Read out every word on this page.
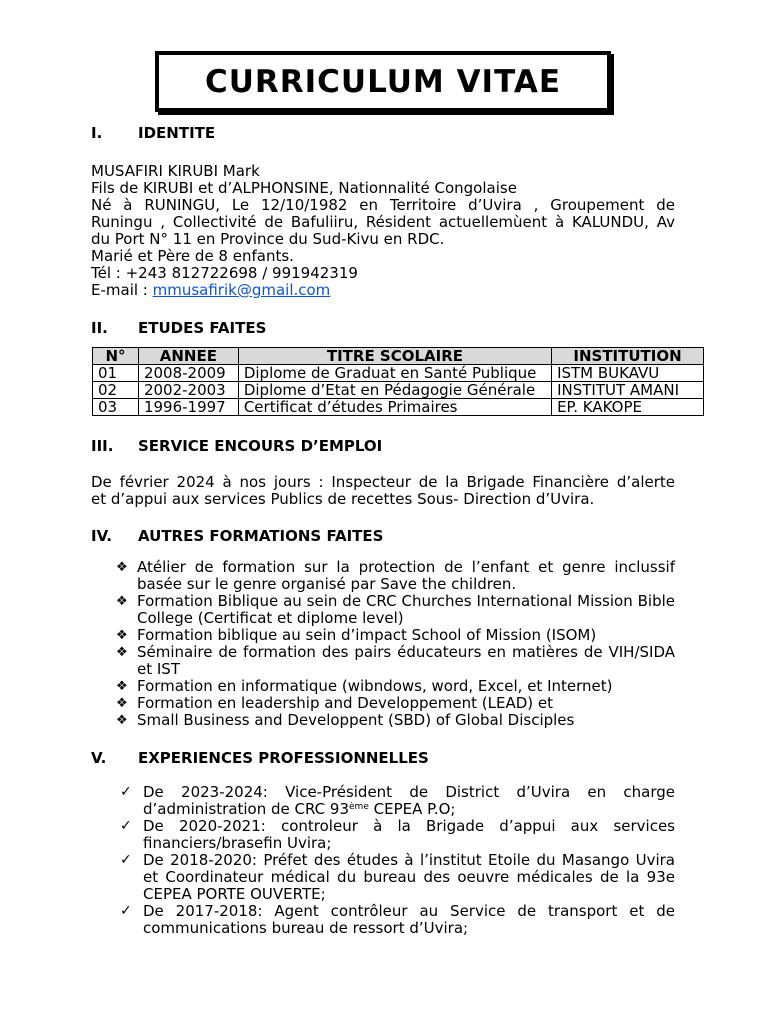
CURRICULUM VITAE
I. IDENTITE
MUSAFIRI KIRUBI Mark
Fils de KIRUBI et d’ALPHONSINE, Nationnalité Congolaise
Né à RUNINGU, Le 12/10/1982 en Territoire d’Uvira , Groupement de
Runingu , Collectivité de Bafuliiru, Résident actuellemùent à KALUNDU, Av
du Port N° 11 en Province du Sud-Kivu en RDC.
Marié et Père de 8 enfants.
Tél : +243 812722698 / 991942319
E-mail : mmusafirik@gmail.com
II. ETUDES FAITES
N°	ANNEE	TITRE SCOLAIRE	INSTITUTION
01	2008-2009	Diplome de Graduat en Santé Publique	ISTM BUKAVU
02	2002-2003	Diplome d’Etat en Pédagogie Générale	INSTITUT AMANI
03	1996-1997	Certificat d’études Primaires	EP. KAKOPE
III. SERVICE ENCOURS D’EMPLOI
De février 2024 à nos jours : Inspecteur de la Brigade Financière d’alerte
et d’appui aux services Publics de recettes Sous- Direction d’Uvira.
IV. AUTRES FORMATIONS FAITES
❖ Atélier de formation sur la protection de l’enfant et genre inclussif basée sur le genre organisé par Save the children.
❖ Formation Biblique au sein de CRC Churches International Mission Bible College (Certificat et diplome level)
❖ Formation biblique au sein d’impact School of Mission (ISOM)
❖ Séminaire de formation des pairs éducateurs en matières de VIH/SIDA et IST
❖ Formation en informatique (wibndows, word, Excel, et Internet)
❖ Formation en leadership and Developpement (LEAD) et
❖ Small Business and Developpent (SBD) of Global Disciples
V. EXPERIENCES PROFESSIONNELLES
✓ De 2023-2024: Vice-Président de District d’Uvira en charge d’administration de CRC 93ème CEPEA P.O;
✓ De 2020-2021: controleur à la Brigade d’appui aux services financiers/brasefin Uvira;
✓ De 2018-2020: Préfet des études à l’institut Etoile du Masango Uvira et Coordinateur médical du bureau des oeuvre médicales de la 93e CEPEA PORTE OUVERTE;
✓ De 2017-2018: Agent contrôleur au Service de transport et de communications bureau de ressort d’Uvira;
